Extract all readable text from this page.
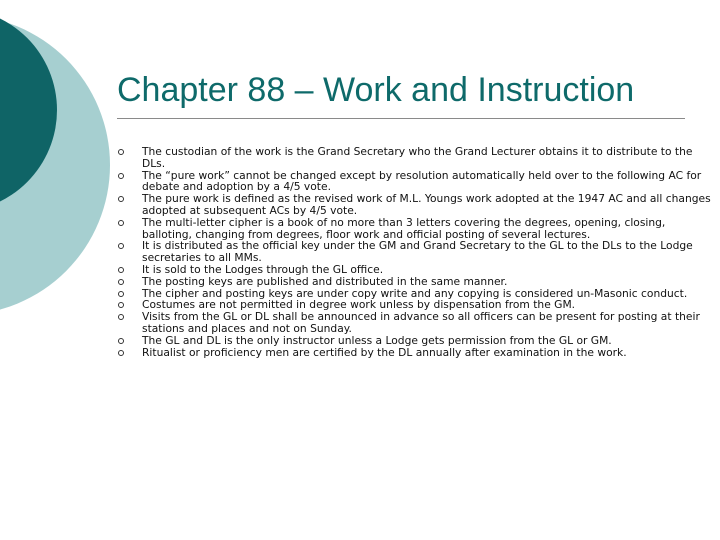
Chapter 88 – Work and Instruction
The custodian of the work is the Grand Secretary who the Grand Lecturer obtains it to distribute to the DLs.
The “pure work” cannot be changed except by resolution automatically held over to the following AC for debate and adoption by a 4/5 vote.
The pure work is defined as the revised work of M.L. Youngs work adopted at the 1947 AC and all changes adopted at subsequent ACs by 4/5 vote.
The multi-letter cipher is a book of no more than 3 letters covering the degrees, opening, closing, balloting, changing from degrees, floor work and official posting of several lectures.
It is distributed as the official key under the GM and Grand Secretary to the GL to the DLs to the Lodge secretaries to all MMs.
It is sold to the Lodges through the GL office.
The posting keys are published and distributed in the same manner.
The cipher and posting keys are under copy write and any copying is considered un-Masonic conduct.
Costumes are not permitted in degree work unless by dispensation from the GM.
Visits from the GL or DL shall be announced in advance so all officers can be present for posting at their stations and places and not on Sunday.
The GL and DL is the only instructor unless a Lodge gets permission from the GL or GM.
Ritualist or proficiency men are certified by the DL annually after examination in the work.
